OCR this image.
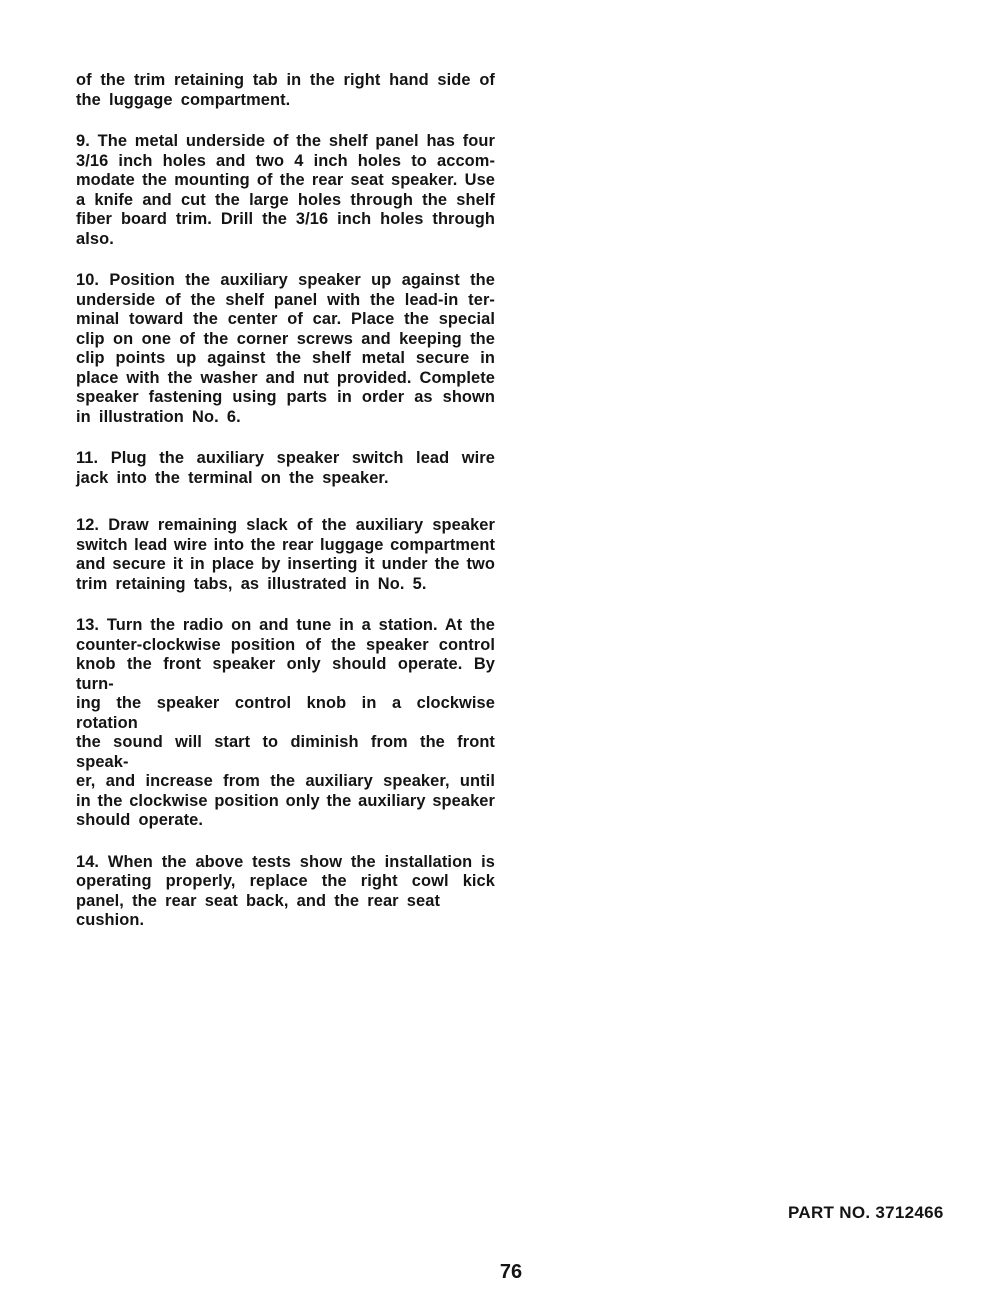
of the trim retaining tab in the right hand side of
the luggage compartment.
9. The metal underside of the shelf panel has four
3/16 inch holes and two 4 inch holes to accom-
modate the mounting of the rear seat speaker. Use
a knife and cut the large holes through the shelf
fiber board trim. Drill the 3/16 inch holes through
also.
10. Position the auxiliary speaker up against the
underside of the shelf panel with the lead-in ter-
minal toward the center of car. Place the special
clip on one of the corner screws and keeping the
clip points up against the shelf metal secure in
place with the washer and nut provided. Complete
speaker fastening using parts in order as shown
in illustration No. 6.
11. Plug the auxiliary speaker switch lead wire
jack into the terminal on the speaker.
12. Draw remaining slack of the auxiliary speaker
switch lead wire into the rear luggage compartment
and secure it in place by inserting it under the two
trim retaining tabs, as illustrated in No. 5.
13. Turn the radio on and tune in a station. At the
counter-clockwise position of the speaker control
knob the front speaker only should operate. By turn-
ing the speaker control knob in a clockwise rotation
the sound will start to diminish from the front speak-
er, and increase from the auxiliary speaker, until
in the clockwise position only the auxiliary speaker
should operate.
14. When the above tests show the installation is
operating properly, replace the right cowl kick
panel, the rear seat back, and the rear seat cushion.
PART NO. 3712466
76
